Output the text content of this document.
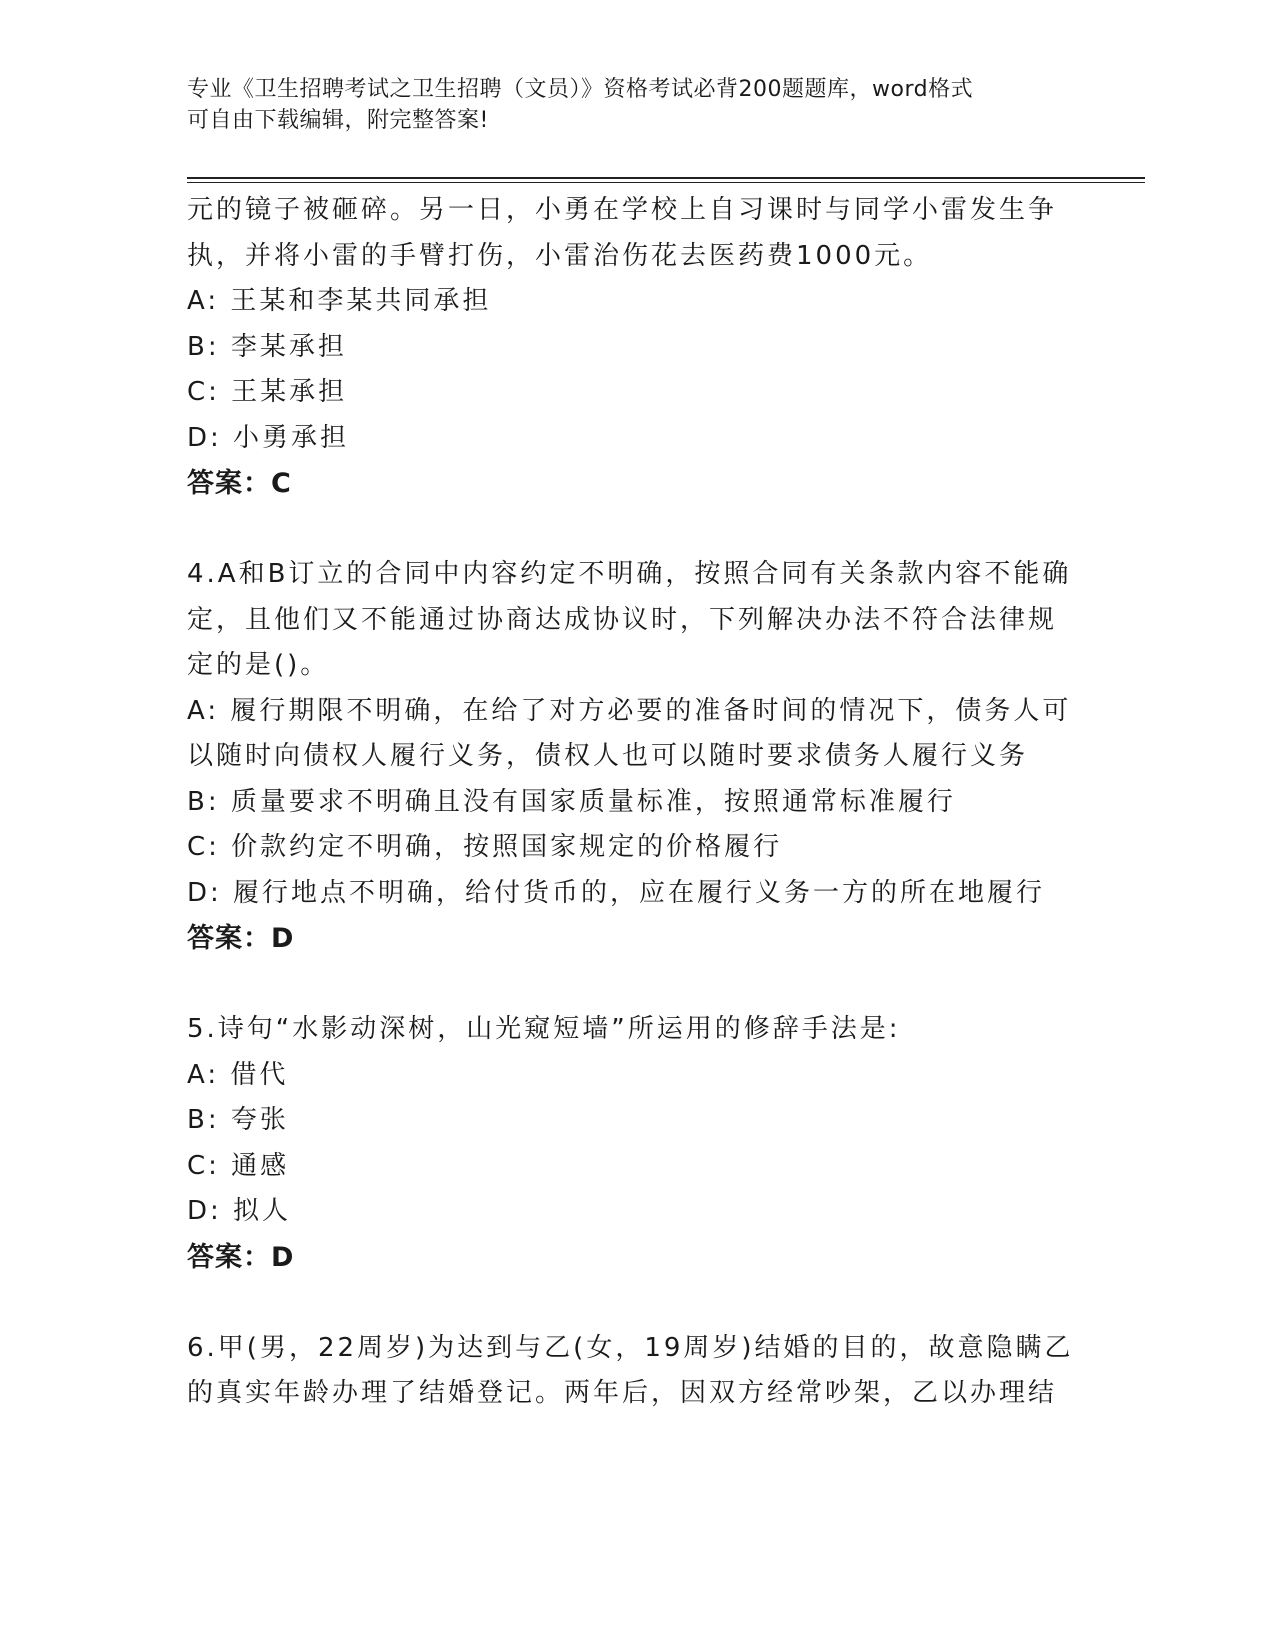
专业《卫生招聘考试之卫生招聘（文员）》资格考试必背200题题库，word格式
可自由下载编辑，附完整答案!
元的镜子被砸碎。另一日，小勇在学校上自习课时与同学小雷发生争
执，并将小雷的手臂打伤，小雷治伤花去医药费1000元。
A: 王某和李某共同承担
B: 李某承担
C: 王某承担
D: 小勇承担
答案：C
4.A和B订立的合同中内容约定不明确，按照合同有关条款内容不能确
定，且他们又不能通过协商达成协议时，下列解决办法不符合法律规
定的是()。
A: 履行期限不明确，在给了对方必要的准备时间的情况下，债务人可
以随时向债权人履行义务，债权人也可以随时要求债务人履行义务
B: 质量要求不明确且没有国家质量标准，按照通常标准履行
C: 价款约定不明确，按照国家规定的价格履行
D: 履行地点不明确，给付货币的，应在履行义务一方的所在地履行
答案：D
5.诗句“水影动深树，山光窥短墙”所运用的修辞手法是:
A: 借代
B: 夸张
C: 通感
D: 拟人
答案：D
6.甲(男，22周岁)为达到与乙(女，19周岁)结婚的目的，故意隐瞒乙
的真实年龄办理了结婚登记。两年后，因双方经常吵架，乙以办理结
